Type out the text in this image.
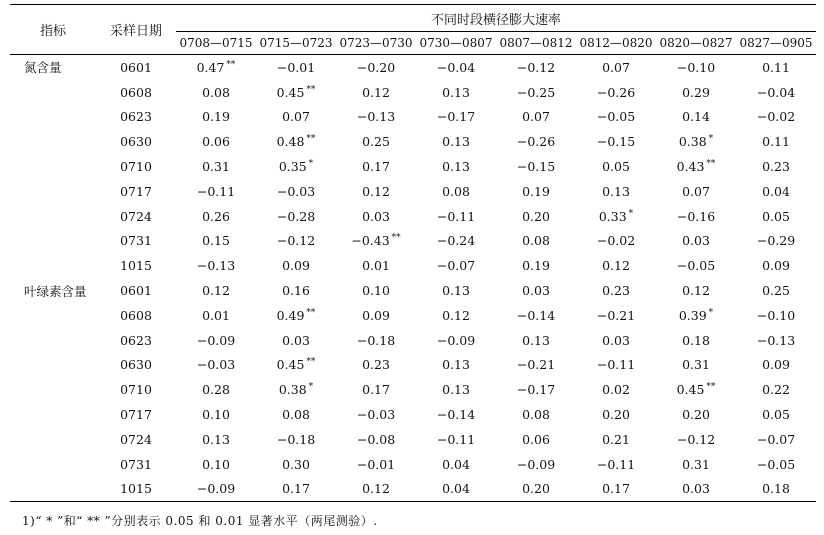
指标	采样日期	不同时段横径膨大速率							
		0708—0715	0715—0723	0723—0730	0730—0807	0807—0812	0812—0820	0820—0827	0827—0905
氮含量	0601	0.47 **	−0.01	−0.20	−0.04	−0.12	0.07	−0.10	0.11
	0608	0.08	0.45 **	0.12	0.13	−0.25	−0.26	0.29	−0.04
	0623	0.19	0.07	−0.13	−0.17	0.07	−0.05	0.14	−0.02
	0630	0.06	0.48 **	0.25	0.13	−0.26	−0.15	0.38 *	0.11
	0710	0.31	0.35 *	0.17	0.13	−0.15	0.05	0.43 **	0.23
	0717	−0.11	−0.03	0.12	0.08	0.19	0.13	0.07	0.04
	0724	0.26	−0.28	0.03	−0.11	0.20	0.33 *	−0.16	0.05
	0731	0.15	−0.12	−0.43 **	−0.24	0.08	−0.02	0.03	−0.29
	1015	−0.13	0.09	0.01	−0.07	0.19	0.12	−0.05	0.09
叶绿素含量	0601	0.12	0.16	0.10	0.13	0.03	0.23	0.12	0.25
	0608	0.01	0.49 **	0.09	0.12	−0.14	−0.21	0.39 *	−0.10
	0623	−0.09	0.03	−0.18	−0.09	0.13	0.03	0.18	−0.13
	0630	−0.03	0.45 **	0.23	0.13	−0.21	−0.11	0.31	0.09
	0710	0.28	0.38 *	0.17	0.13	−0.17	0.02	0.45 **	0.22
	0717	0.10	0.08	−0.03	−0.14	0.08	0.20	0.20	0.05
	0724	0.13	−0.18	−0.08	−0.11	0.06	0.21	−0.12	−0.07
	0731	0.10	0.30	−0.01	0.04	−0.09	−0.11	0.31	−0.05
	1015	−0.09	0.17	0.12	0.04	0.20	0.17	0.03	0.18
1)“ * ”和“ ** ”分别表示 0.05 和 0.01 显著水平（两尾测验）.
